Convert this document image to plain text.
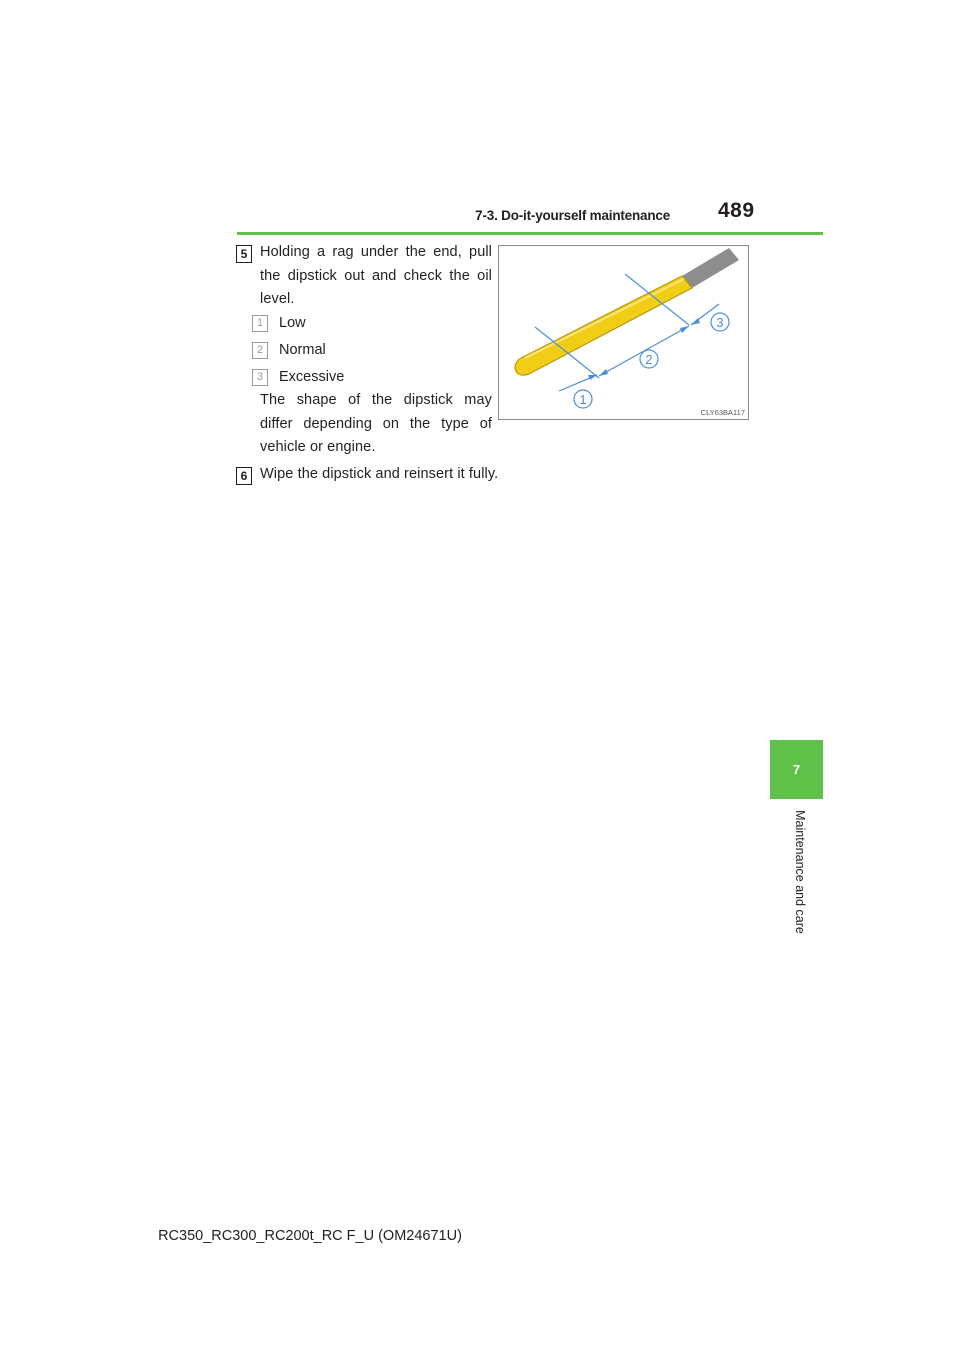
7-3. Do-it-yourself maintenance 489
5 Holding a rag under the end, pull the dipstick out and check the oil level.
1	Low
2	Normal
3	Excessive
The shape of the dipstick may differ depending on the type of vehicle or engine.
1
2
3
CLY63BA117
6 Wipe the dipstick and reinsert it fully.
7
Maintenance and care
RC350_RC300_RC200t_RC F_U (OM24671U)
